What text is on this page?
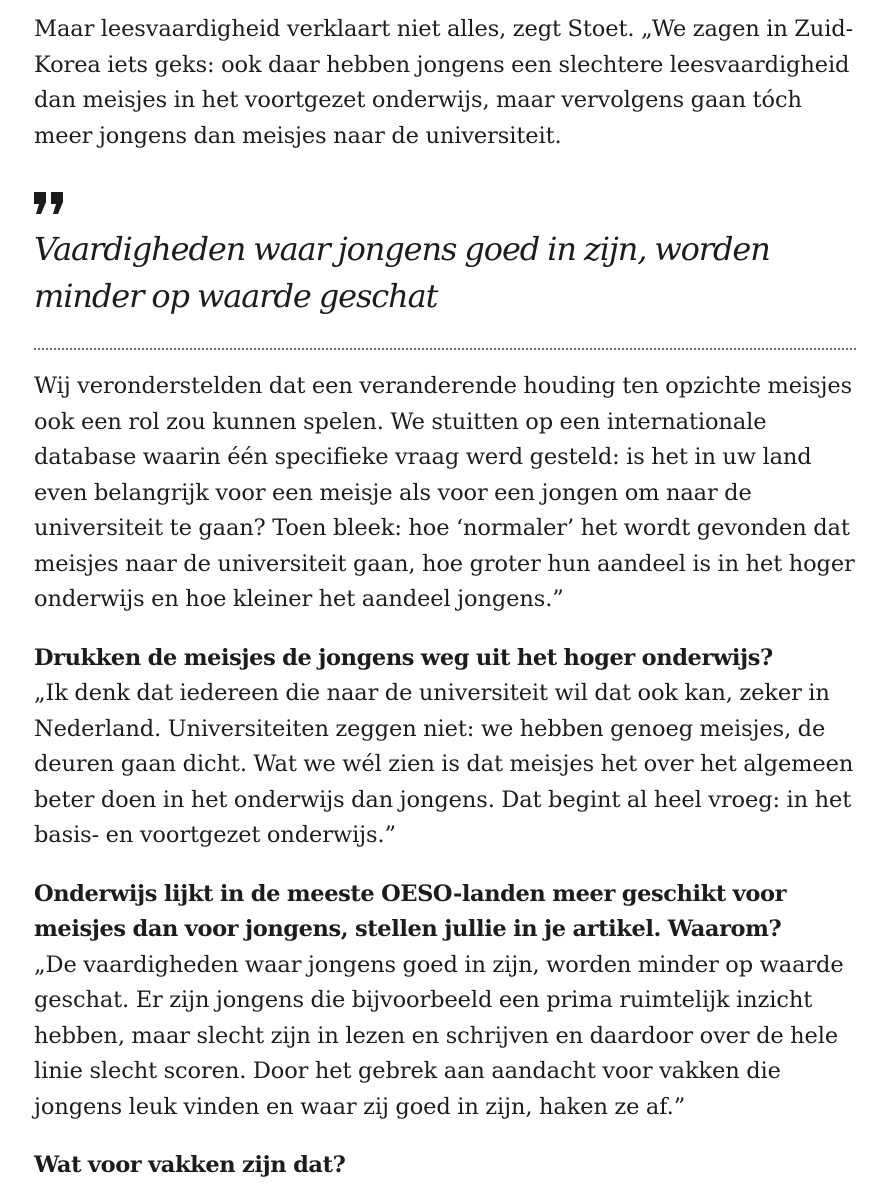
Maar leesvaardigheid verklaart niet alles, zegt Stoet. „We zagen in Zuid-Korea iets geks: ook daar hebben jongens een slechtere leesvaardigheid dan meisjes in het voortgezet onderwijs, maar vervolgens gaan tóch meer jongens dan meisjes naar de universiteit.

Vaardigheden waar jongens goed in zijn, worden minder op waarde geschat

Wij veronderstelden dat een veranderende houding ten opzichte meisjes ook een rol zou kunnen spelen. We stuitten op een internationale database waarin één specifieke vraag werd gesteld: is het in uw land even belangrijk voor een meisje als voor een jongen om naar de universiteit te gaan? Toen bleek: hoe ‘normaler’ het wordt gevonden dat meisjes naar de universiteit gaan, hoe groter hun aandeel is in het hoger onderwijs en hoe kleiner het aandeel jongens.”

Drukken de meisjes de jongens weg uit het hoger onderwijs?

„Ik denk dat iedereen die naar de universiteit wil dat ook kan, zeker in Nederland. Universiteiten zeggen niet: we hebben genoeg meisjes, de deuren gaan dicht. Wat we wél zien is dat meisjes het over het algemeen beter doen in het onderwijs dan jongens. Dat begint al heel vroeg: in het basis- en voortgezet onderwijs.”

Onderwijs lijkt in de meeste OESO-landen meer geschikt voor meisjes dan voor jongens, stellen jullie in je artikel. Waarom?

„De vaardigheden waar jongens goed in zijn, worden minder op waarde geschat. Er zijn jongens die bijvoorbeeld een prima ruimtelijk inzicht hebben, maar slecht zijn in lezen en schrijven en daardoor over de hele linie slecht scoren. Door het gebrek aan aandacht voor vakken die jongens leuk vinden en waar zij goed in zijn, haken ze af.”

Wat voor vakken zijn dat?
